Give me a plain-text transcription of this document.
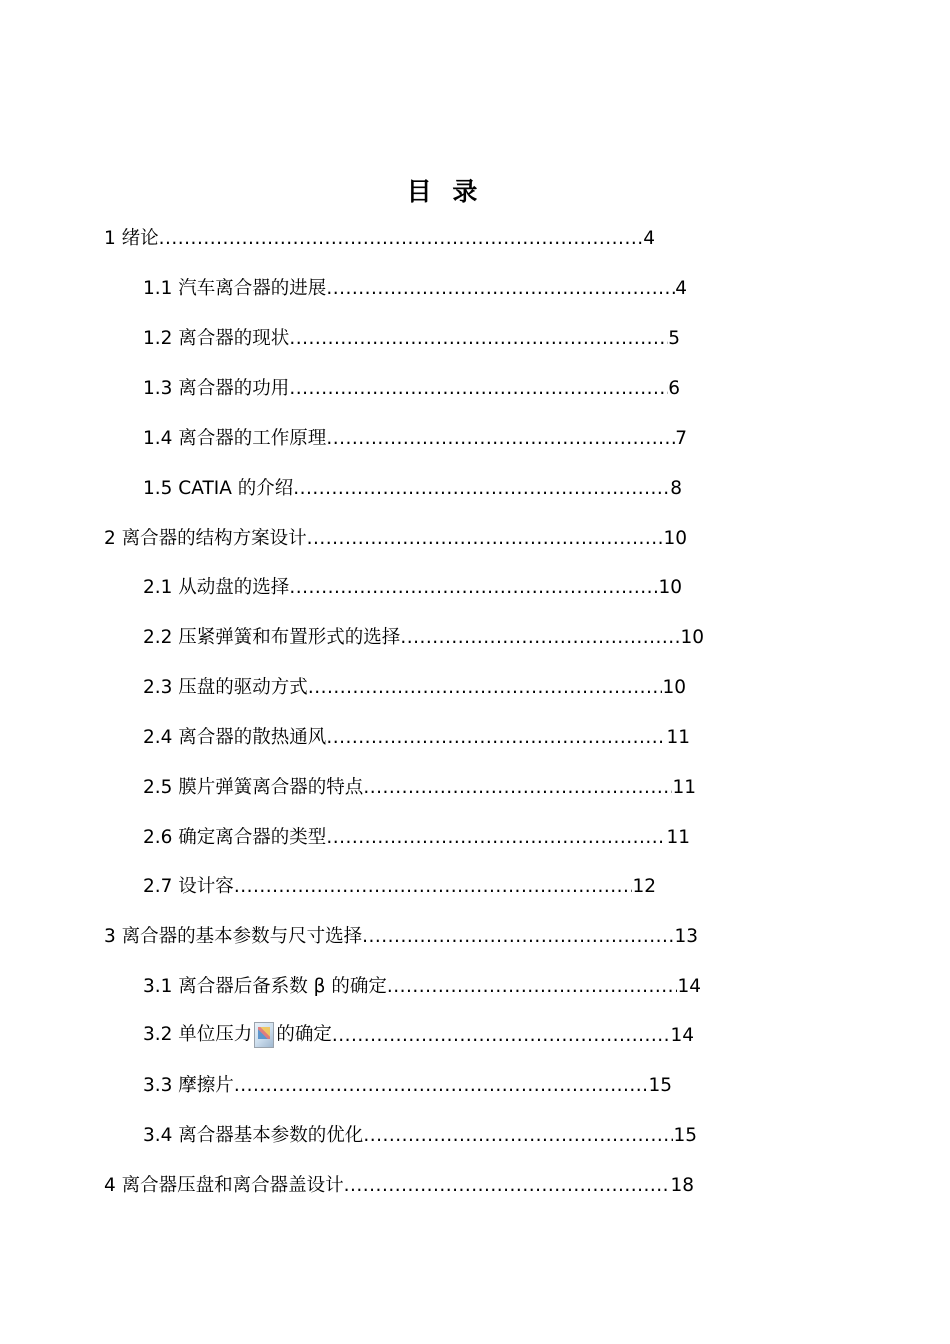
目 录
1 绪论 .....	4
1.1 汽车离合器的进展 .....	4
1.2 离合器的现状 .....	5
1.3 离合器的功用 .....	6
1.4 离合器的工作原理 .....	7
1.5 CATIA 的介绍 .....	8
2 离合器的结构方案设计 .....	10
2.1 从动盘的选择 .....	10
2.2 压紧弹簧和布置形式的选择 .....	10
2.3 压盘的驱动方式 .....	10
2.4 离合器的散热通风 .....	11
2.5 膜片弹簧离合器的特点 .....	11
2.6 确定离合器的类型 .....	11
2.7 设计容 .....	12
3 离合器的基本参数与尺寸选择 .....	13
3.1 离合器后备系数 β 的确定 .....	14
3.2 单位压力 的确定 .....	14
3.3 摩擦片 .....	15
3.4 离合器基本参数的优化 .....	15
4 离合器压盘和离合器盖设计 .....	18
